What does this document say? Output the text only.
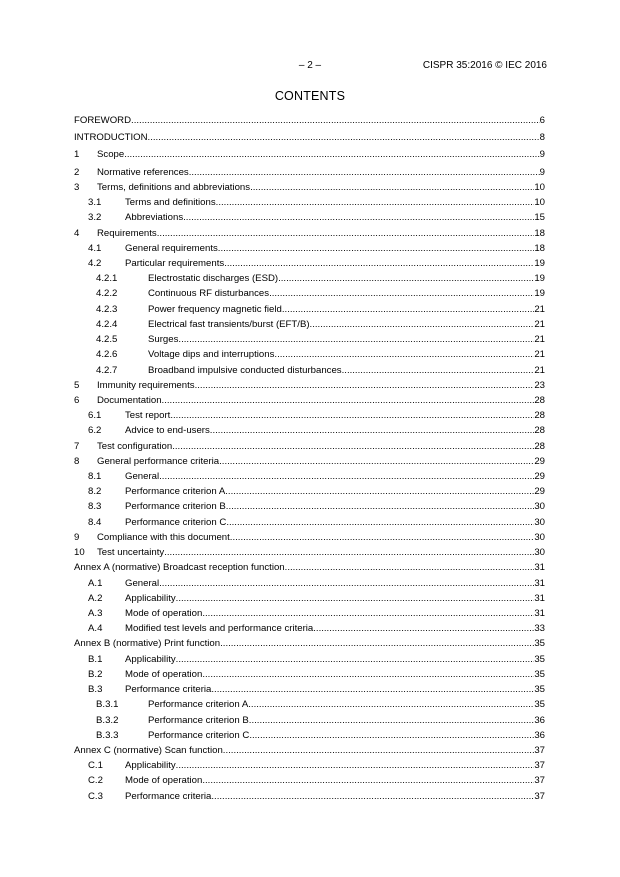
– 2 –	CISPR 35:2016 © IEC 2016
CONTENTS
FOREWORD .....	6
INTRODUCTION .....	8
1	Scope .....	9
2	Normative references .....	9
3	Terms, definitions and abbreviations .....	10
3.1	Terms and definitions .....	10
3.2	Abbreviations .....	15
4	Requirements .....	18
4.1	General requirements .....	18
4.2	Particular requirements .....	19
4.2.1	Electrostatic discharges (ESD) .....	19
4.2.2	Continuous RF disturbances .....	19
4.2.3	Power frequency magnetic field .....	21
4.2.4	Electrical fast transients/burst (EFT/B) .....	21
4.2.5	Surges .....	21
4.2.6	Voltage dips and interruptions .....	21
4.2.7	Broadband impulsive conducted disturbances .....	21
5	Immunity requirements .....	23
6	Documentation .....	28
6.1	Test report .....	28
6.2	Advice to end-users .....	28
7	Test configuration .....	28
8	General performance criteria .....	29
8.1	General .....	29
8.2	Performance criterion A .....	29
8.3	Performance criterion B .....	30
8.4	Performance criterion C .....	30
9	Compliance with this document .....	30
10	Test uncertainty .....	30
Annex A (normative) Broadcast reception function .....	31
A.1	General .....	31
A.2	Applicability .....	31
A.3	Mode of operation .....	31
A.4	Modified test levels and performance criteria .....	33
Annex B (normative) Print function .....	35
B.1	Applicability .....	35
B.2	Mode of operation .....	35
B.3	Performance criteria .....	35
B.3.1	Performance criterion A .....	35
B.3.2	Performance criterion B .....	36
B.3.3	Performance criterion C .....	36
Annex C (normative) Scan function .....	37
C.1	Applicability .....	37
C.2	Mode of operation .....	37
C.3	Performance criteria .....	37
